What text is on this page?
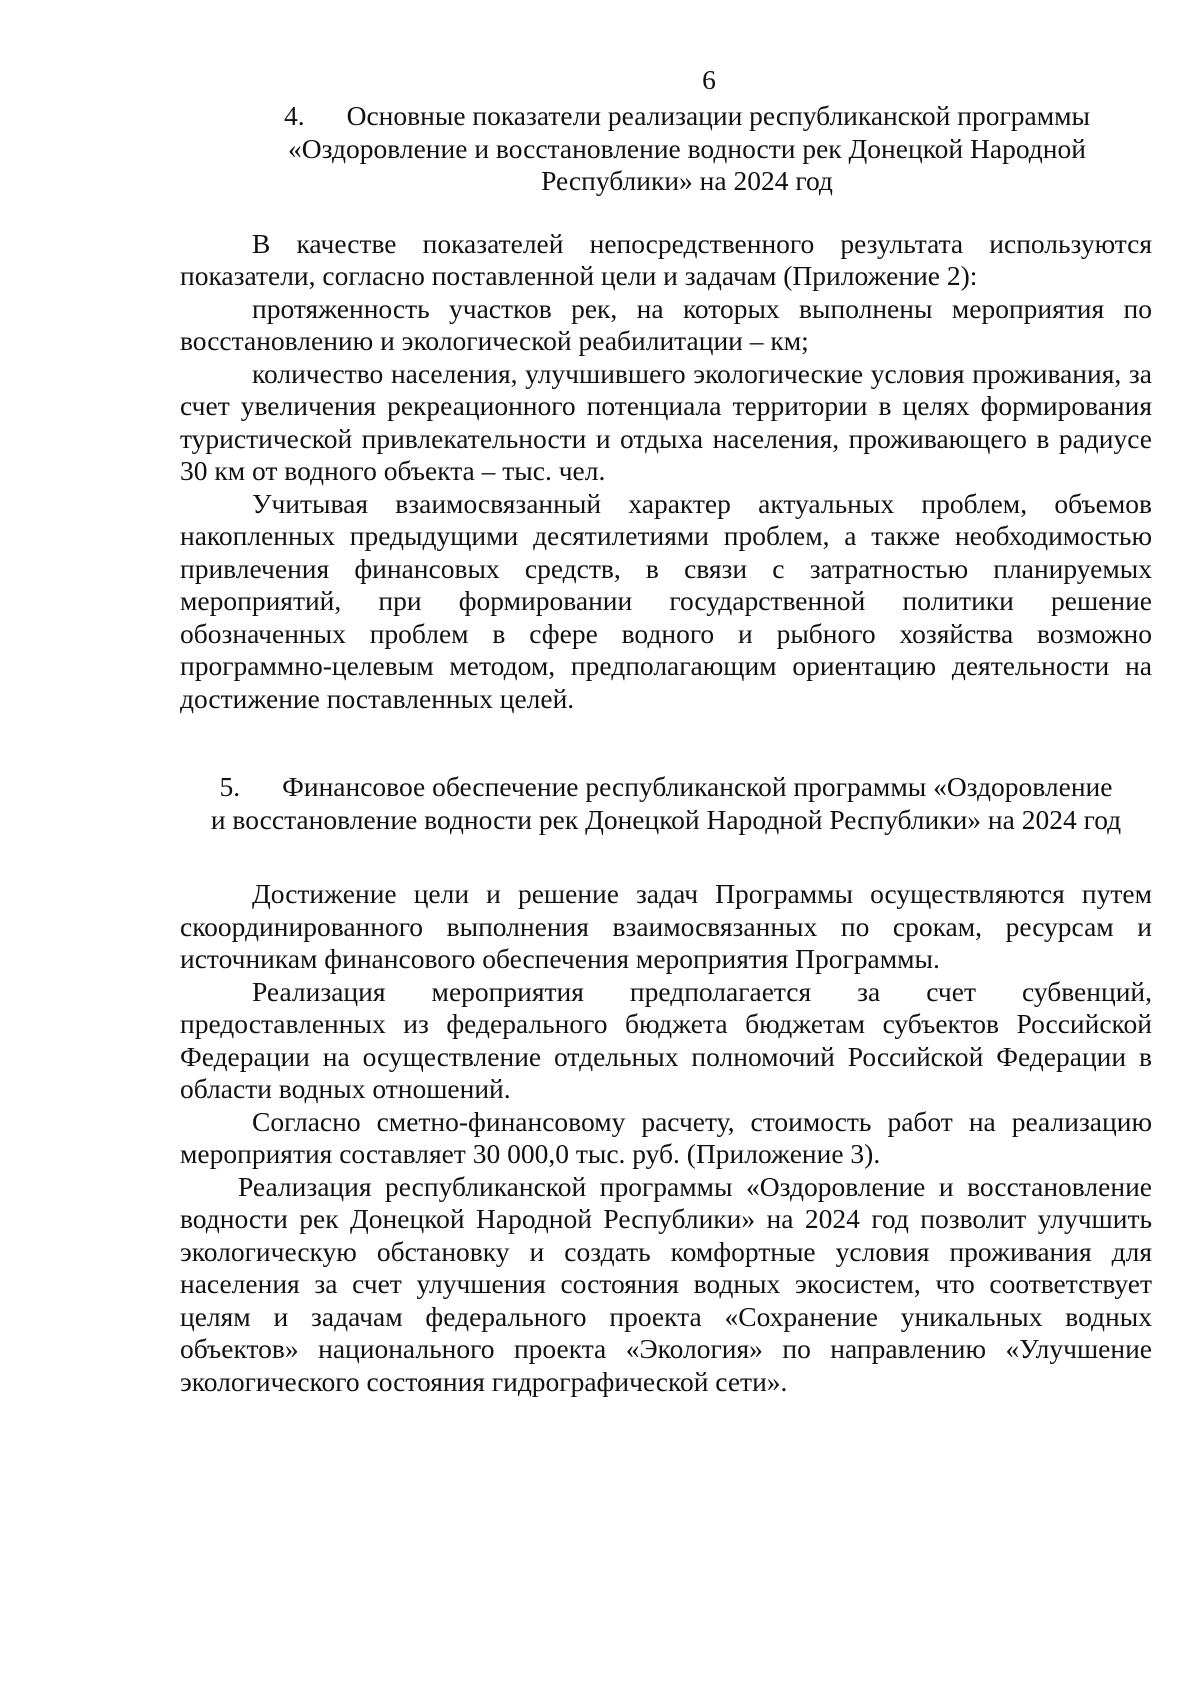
6
4. Основные показатели реализации республиканской программы
«Оздоровление и восстановление водности рек Донецкой Народной
Республики» на 2024 год

В качестве показателей непосредственного результата используются показатели, согласно поставленной цели и задачам (Приложение 2):

протяженность участков рек, на которых выполнены мероприятия по восстановлению и экологической реабилитации – км;

количество населения, улучшившего экологические условия проживания, за счет увеличения рекреационного потенциала территории в целях формирования туристической привлекательности и отдыха населения, проживающего в радиусе 30 км от водного объекта – тыс. чел.

Учитывая взаимосвязанный характер актуальных проблем, объемов накопленных предыдущими десятилетиями проблем, а также необходимостью привлечения финансовых средств, в связи с затратностью планируемых мероприятий, при формировании государственной политики решение обозначенных проблем в сфере водного и рыбного хозяйства возможно программно-целевым методом, предполагающим ориентацию деятельности на достижение поставленных целей.

5. Финансовое обеспечение республиканской программы «Оздоровление
и восстановление водности рек Донецкой Народной Республики» на 2024 год

Достижение цели и решение задач Программы осуществляются путем скоординированного выполнения взаимосвязанных по срокам, ресурсам и источникам финансового обеспечения мероприятия Программы.

Реализация мероприятия предполагается за счет субвенций, предоставленных из федерального бюджета бюджетам субъектов Российской Федерации на осуществление отдельных полномочий Российской Федерации в области водных отношений.

Согласно сметно-финансовому расчету, стоимость работ на реализацию мероприятия составляет 30 000,0 тыс. руб. (Приложение 3).

Реализация республиканской программы «Оздоровление и восстановление водности рек Донецкой Народной Республики» на 2024 год позволит улучшить экологическую обстановку и создать комфортные условия проживания для населения за счет улучшения состояния водных экосистем, что соответствует целям и задачам федерального проекта «Сохранение уникальных водных объектов» национального проекта «Экология» по направлению «Улучшение экологического состояния гидрографической сети».
